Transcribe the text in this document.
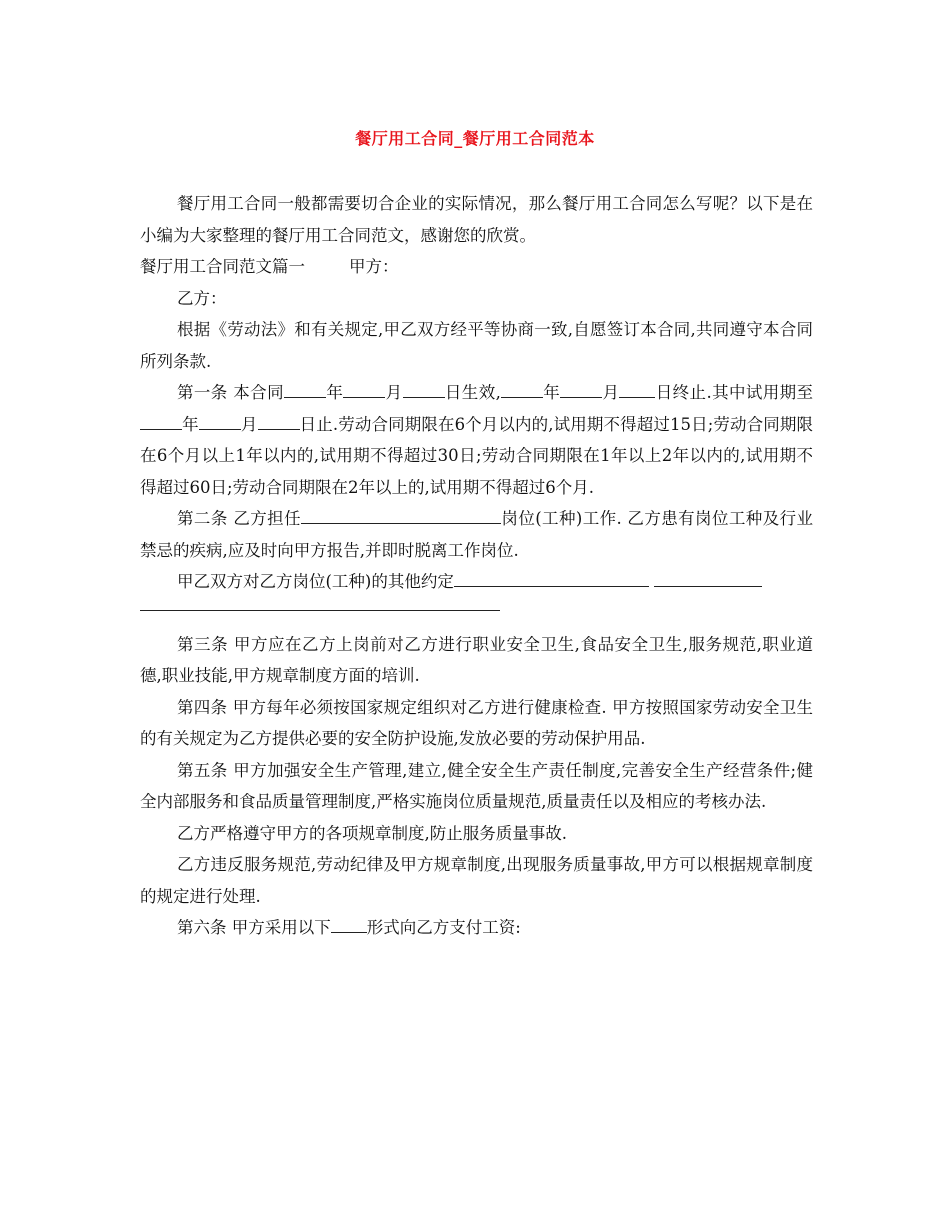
餐厅用工合同_餐厅用工合同范本

餐厅用工合同一般都需要切合企业的实际情况，那么餐厅用工合同怎么写呢？以下是在小编为大家整理的餐厅用工合同范文，感谢您的欣赏。

餐厅用工合同范文篇一	甲方：

乙方：

根据《劳动法》和有关规定,甲乙双方经平等协商一致,自愿签订本合同,共同遵守本合同所列条款.

第一条 本合同	年	月	日生效,	年	月 日终止.其中试用期至年	月	日止.劳动合同期限在6个月以内的,试用期不得超过15日;劳动合同期限在6个月以上1年以内的,试用期不得超过30日;劳动合同期限在1年以上2年以内的,试用期不得超过60日;劳动合同期限在2年以上的,试用期不得超过6个月.

第二条 乙方担任	岗位(工种)工作. 乙方患有岗位工种及行业禁忌的疾病,应及时向甲方报告,并即时脱离工作岗位.

甲乙双方对乙方岗位(工种)的其他约定

第三条 甲方应在乙方上岗前对乙方进行职业安全卫生,食品安全卫生,服务规范,职业道德,职业技能,甲方规章制度方面的培训.

第四条 甲方每年必须按国家规定组织对乙方进行健康检查. 甲方按照国家劳动安全卫生的有关规定为乙方提供必要的安全防护设施,发放必要的劳动保护用品.

第五条 甲方加强安全生产管理,建立,健全安全生产责任制度,完善安全生产经营条件;健全内部服务和食品质量管理制度,严格实施岗位质量规范,质量责任以及相应的考核办法.

乙方严格遵守甲方的各项规章制度,防止服务质量事故.

乙方违反服务规范,劳动纪律及甲方规章制度,出现服务质量事故,甲方可以根据规章制度的规定进行处理.

第六条 甲方采用以下 形式向乙方支付工资:
